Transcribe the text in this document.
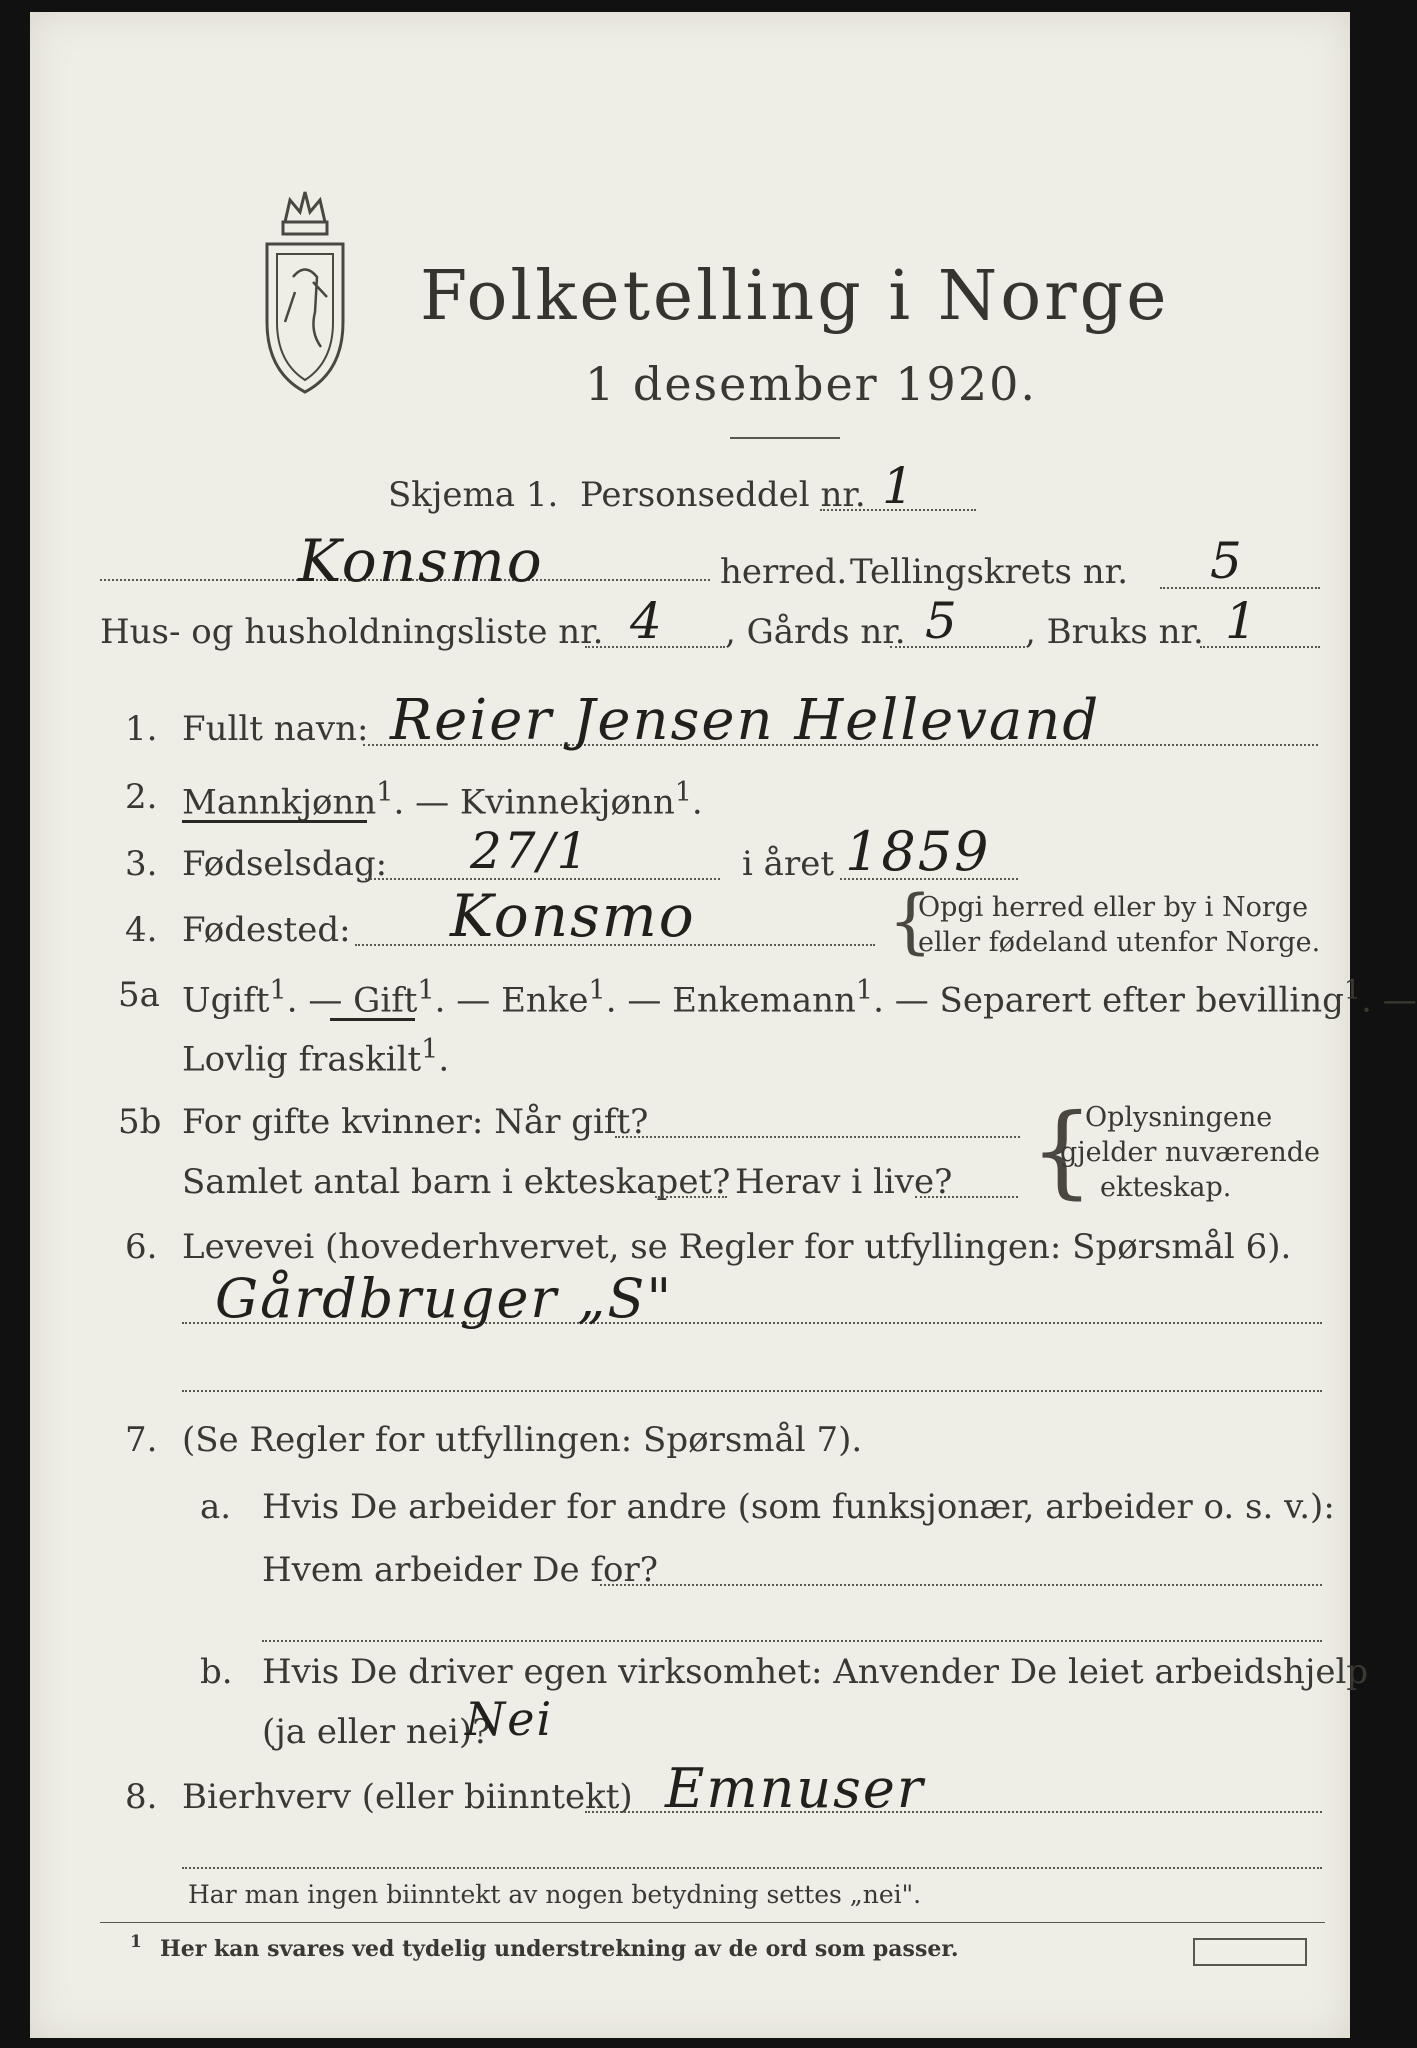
Folketelling i Norge
1 desember 1920.
Skjema 1. Personseddel nr. 1
Konsmo	herred. Tellingskrets nr. 5
Hus- og husholdningsliste nr. 4 , Gårds nr. 5 , Bruks nr. 1
1. Fullt navn: Reier Jensen Hellevand
2. Mannkjønn$^1$. — Kvinnekjønn$^1$.
3. Fødselsdag: 27/1	i året 1859
4. Fødested: Konsmo	{
Opgi herred eller by i Norge
eller fødeland utenfor Norge.
5a Ugift$^1$. — Gift$^1$. — Enke$^1$. — Enkemann$^1$. — Separert efter bevilling$^1$. —
Lovlig fraskilt$^1$.
5b For gifte kvinner: Når gift?
Samlet antal barn i ekteskapet? Herav i live? {
Oplysningene
gjelder nuværende
ekteskap.
6. Levevei (hovederhvervet, se Regler for utfyllingen: Spørsmål 6).
Gårdbruger „S"
7. (Se Regler for utfyllingen: Spørsmål 7).
a. Hvis De arbeider for andre (som funksjonær, arbeider o. s. v.):
Hvem arbeider De for?
b. Hvis De driver egen virksomhet: Anvender De leiet arbeidshjelp
(ja eller nei)?
Nei
8. Bierhverv (eller biinntekt) Emnuser
Har man ingen biinntekt av nogen betydning settes „nei".
1 Her kan svares ved tydelig understrekning av de ord som passer.
